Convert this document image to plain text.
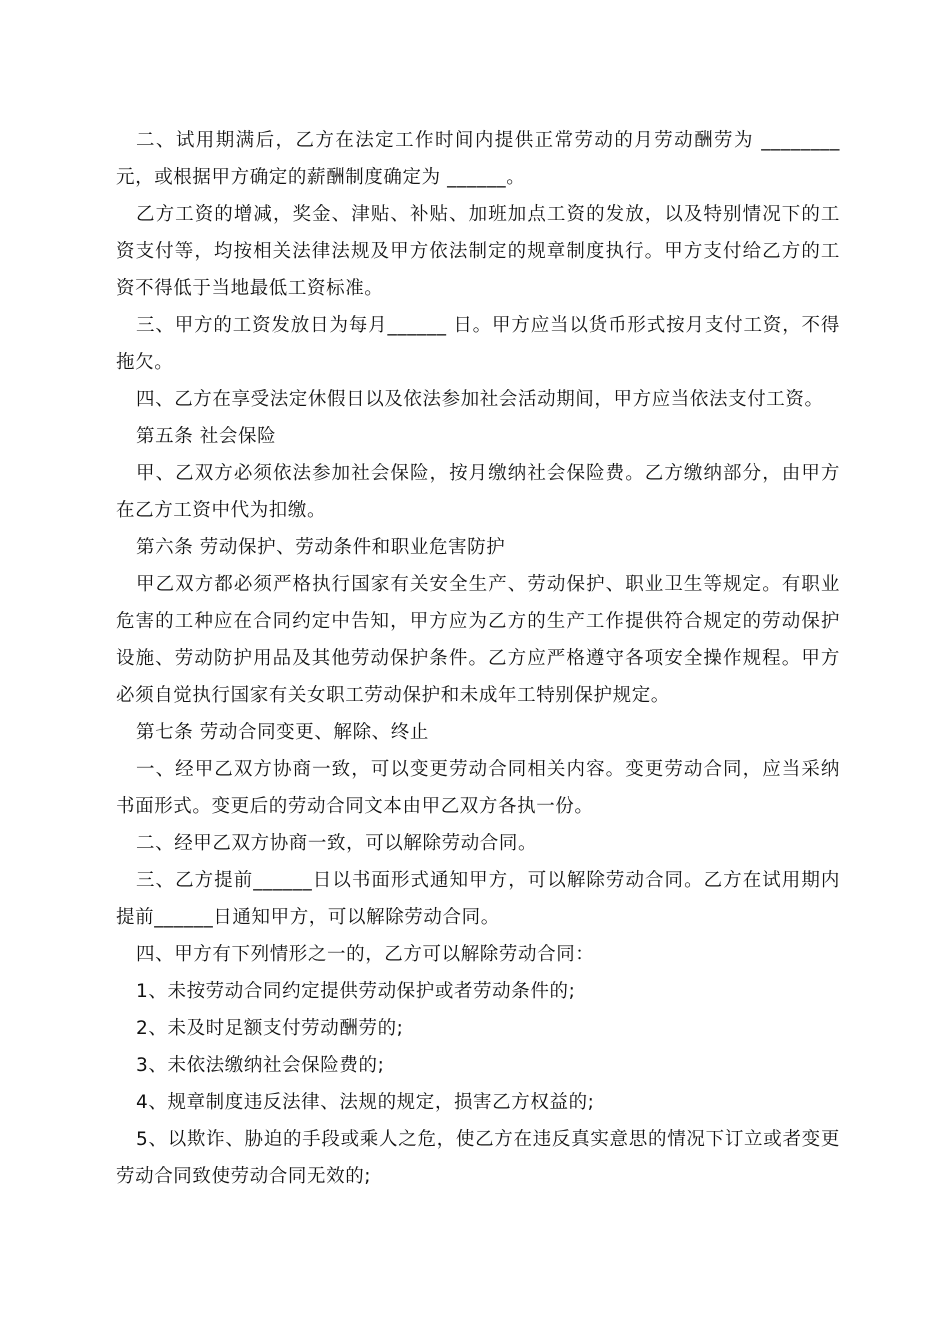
二、试用期满后，乙方在法定工作时间内提供正常劳动的月劳动酬劳为 ________元，或根据甲方确定的薪酬制度确定为 ______。

乙方工资的增减，奖金、津贴、补贴、加班加点工资的发放，以及特别情况下的工资支付等，均按相关法律法规及甲方依法制定的规章制度执行。甲方支付给乙方的工资不得低于当地最低工资标准。

三、甲方的工资发放日为每月______ 日。甲方应当以货币形式按月支付工资，不得拖欠。

四、乙方在享受法定休假日以及依法参加社会活动期间，甲方应当依法支付工资。

第五条 社会保险

甲、乙双方必须依法参加社会保险，按月缴纳社会保险费。乙方缴纳部分，由甲方在乙方工资中代为扣缴。

第六条 劳动保护、劳动条件和职业危害防护

甲乙双方都必须严格执行国家有关安全生产、劳动保护、职业卫生等规定。有职业危害的工种应在合同约定中告知，甲方应为乙方的生产工作提供符合规定的劳动保护设施、劳动防护用品及其他劳动保护条件。乙方应严格遵守各项安全操作规程。甲方必须自觉执行国家有关女职工劳动保护和未成年工特别保护规定。

第七条 劳动合同变更、解除、终止

一、经甲乙双方协商一致，可以变更劳动合同相关内容。变更劳动合同，应当采纳书面形式。变更后的劳动合同文本由甲乙双方各执一份。

二、经甲乙双方协商一致，可以解除劳动合同。

三、乙方提前______日以书面形式通知甲方，可以解除劳动合同。乙方在试用期内提前______日通知甲方，可以解除劳动合同。

四、甲方有下列情形之一的，乙方可以解除劳动合同：

1、未按劳动合同约定提供劳动保护或者劳动条件的;

2、未及时足额支付劳动酬劳的;

3、未依法缴纳社会保险费的;

4、规章制度违反法律、法规的规定，损害乙方权益的;

5、以欺诈、胁迫的手段或乘人之危，使乙方在违反真实意思的情况下订立或者变更劳动合同致使劳动合同无效的;
